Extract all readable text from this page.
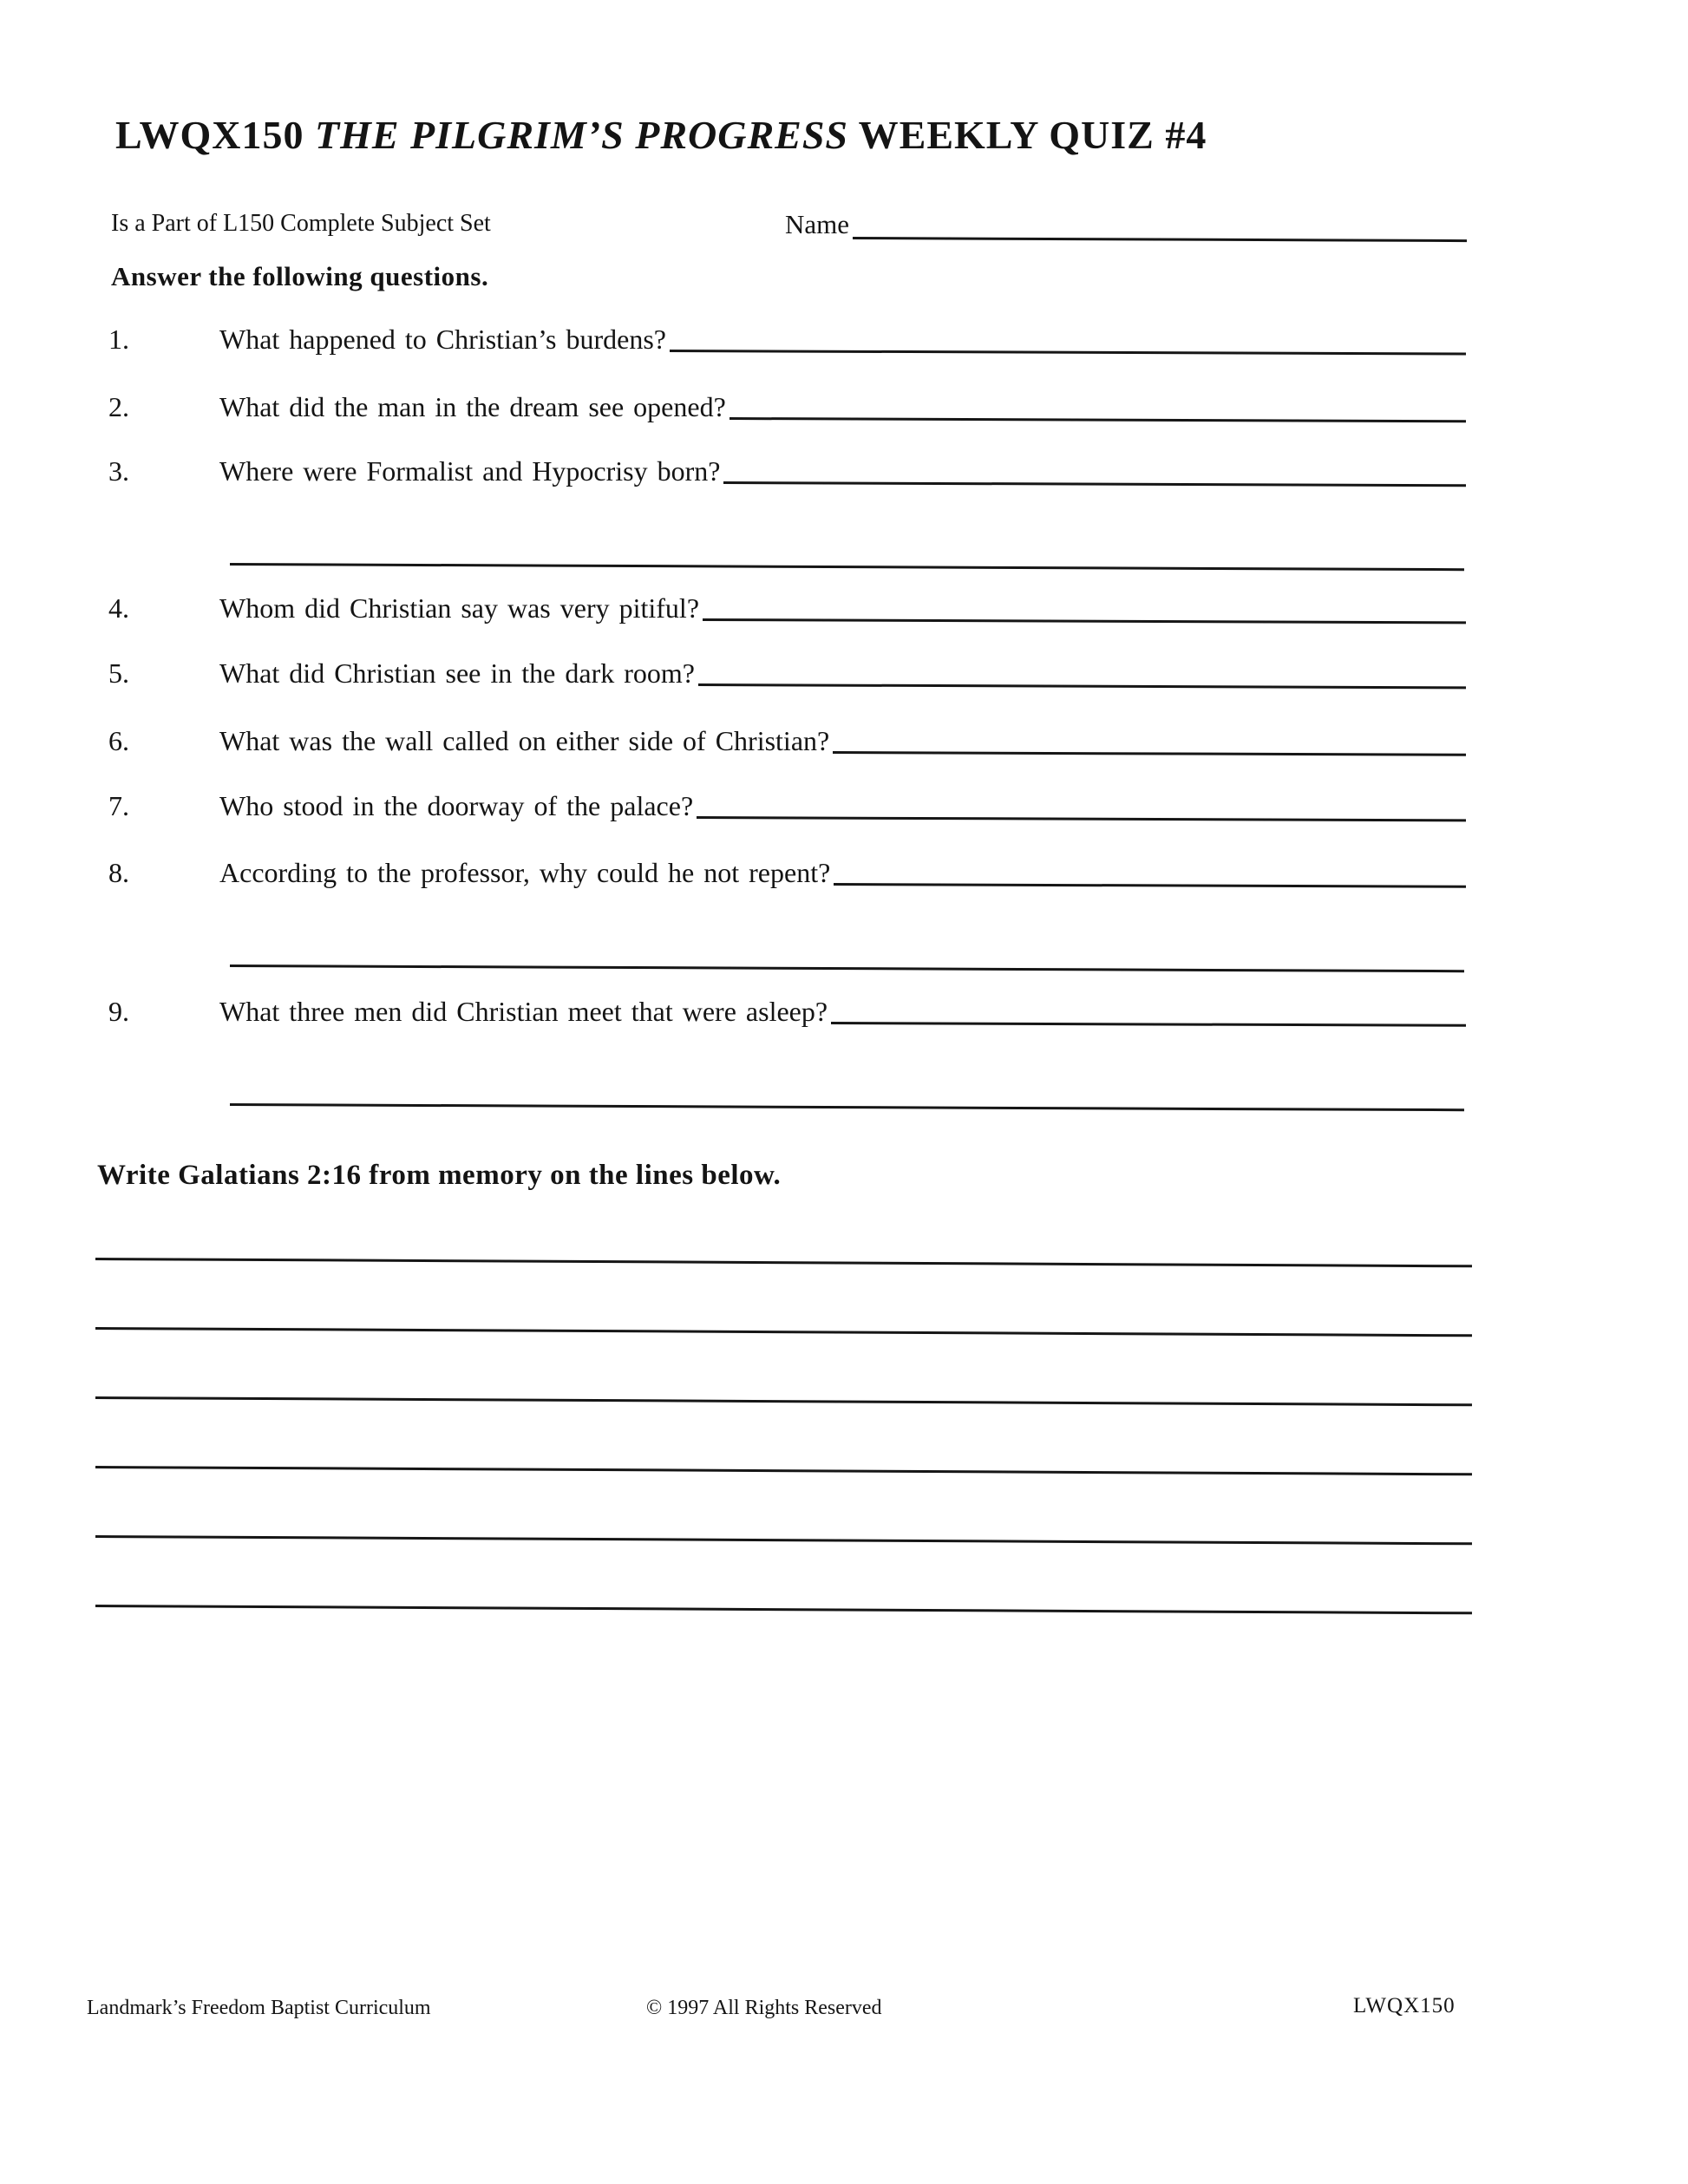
LWQX150 THE PILGRIM’S PROGRESS WEEKLY QUIZ #4
Is a Part of L150 Complete Subject Set	Name
Answer the following questions.
1.	What happened to Christian’s burdens?
2.	What did the man in the dream see opened?
3.	Where were Formalist and Hypocrisy born?
4.	Whom did Christian say was very pitiful?
5.	What did Christian see in the dark room?
6.	What was the wall called on either side of Christian?
7.	Who stood in the doorway of the palace?
8.	According to the professor, why could he not repent?
9.	What three men did Christian meet that were asleep?
Write Galatians 2:16 from memory on the lines below.
Landmark’s Freedom Baptist Curriculum	© 1997 All Rights Reserved	LWQX150
